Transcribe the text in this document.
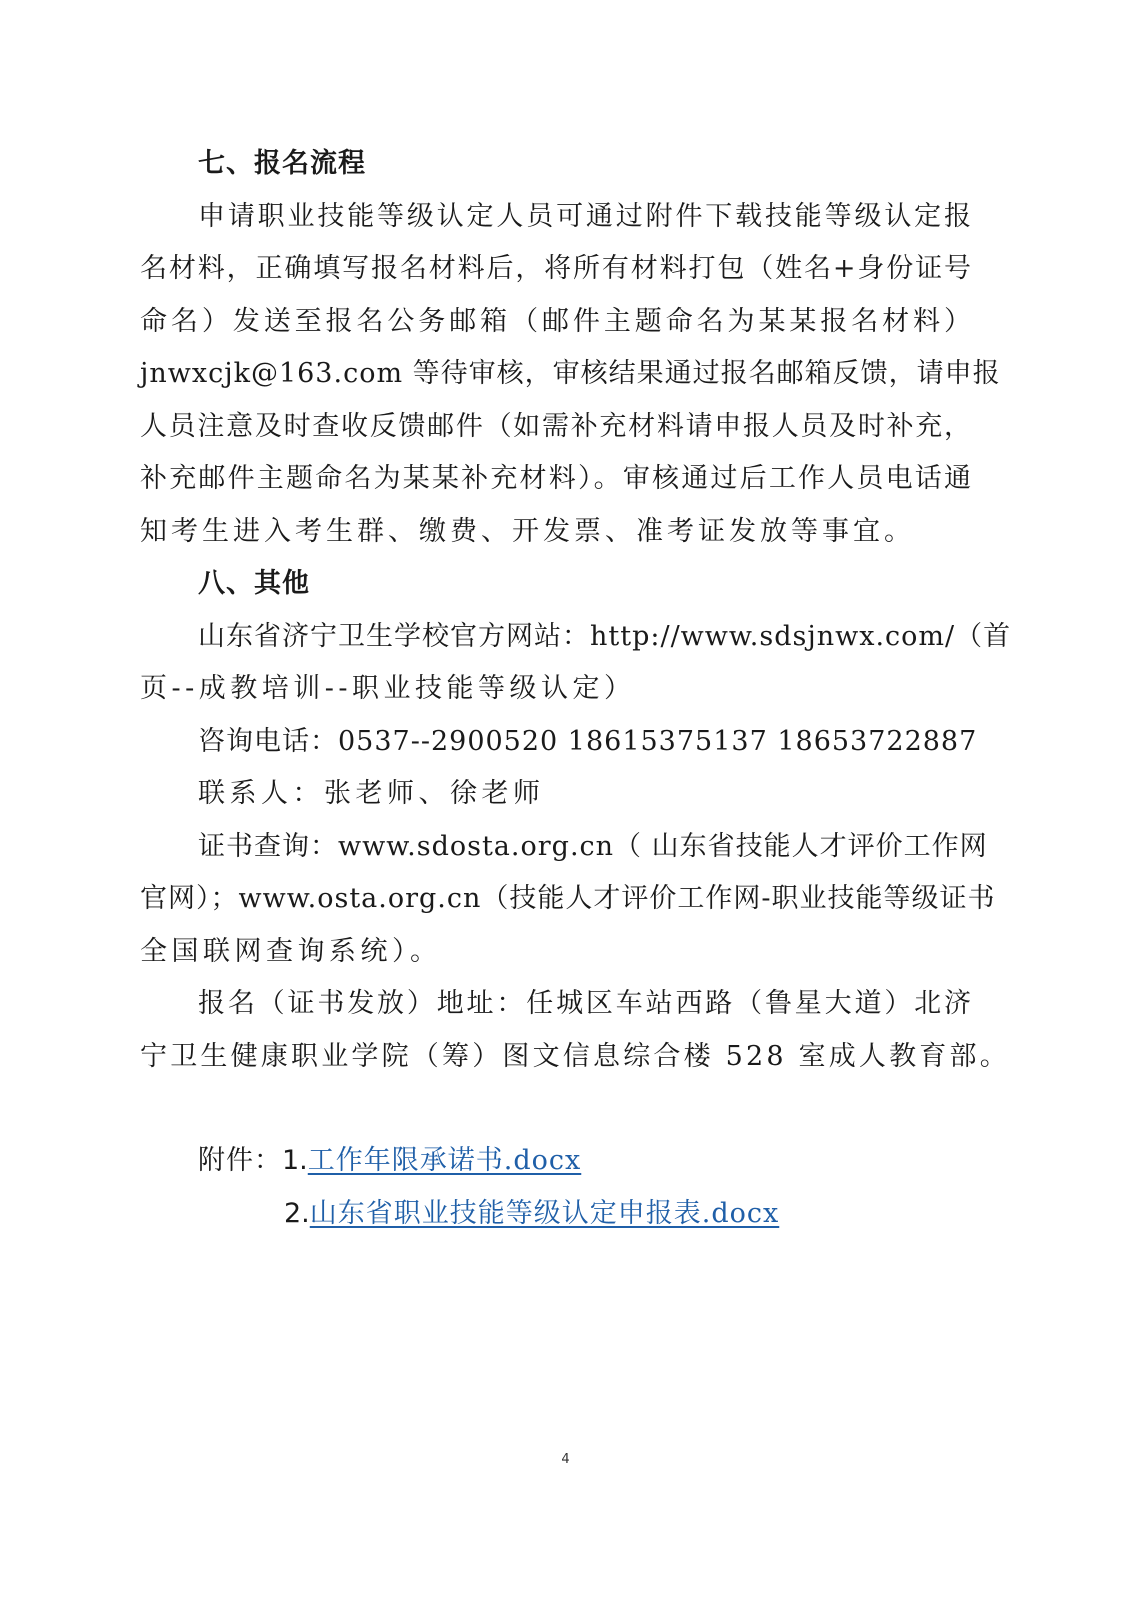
七、报名流程
申请职业技能等级认定人员可通过附件下载技能等级认定报
名材料，正确填写报名材料后，将所有材料打包（姓名+身份证号
命名）发送至报名公务邮箱（邮件主题命名为某某报名材料）
jnwxcjk@163.com 等待审核，审核结果通过报名邮箱反馈，请申报
人员注意及时查收反馈邮件（如需补充材料请申报人员及时补充，
补充邮件主题命名为某某补充材料）。审核通过后工作人员电话通
知考生进入考生群、缴费、开发票、准考证发放等事宜。
八、其他
山东省济宁卫生学校官方网站：http://www.sdsjnwx.com/（首
页--成教培训--职业技能等级认定）
咨询电话：0537--2900520 18615375137 18653722887
联系人：张老师、徐老师
证书查询：www.sdosta.org.cn（ 山东省技能人才评价工作网
官网）；www.osta.org.cn（技能人才评价工作网-职业技能等级证书
全国联网查询系统）。
报名（证书发放）地址：任城区车站西路（鲁星大道）北济
宁卫生健康职业学院（筹）图文信息综合楼 528 室成人教育部。
附件：1.工作年限承诺书.docx
2.山东省职业技能等级认定申报表.docx
4
